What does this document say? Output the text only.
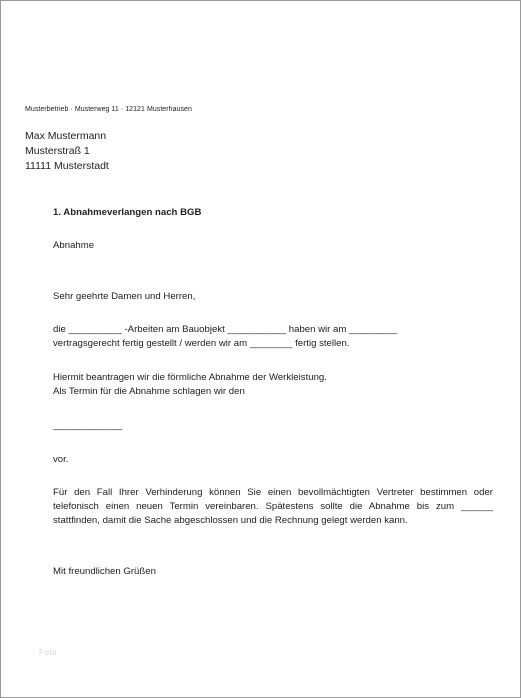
Musterbetrieb · Musterweg 11 · 12121 Musterhausen
Max Mustermann
Musterstraß 1
11111 Musterstadt
1. Abnahmeverlangen nach BGB
Abnahme
Sehr geehrte Damen und Herren,
die __________ -Arbeiten am Bauobjekt ___________ haben wir am _________
vertragsgerecht fertig gestellt / werden wir am ________ fertig stellen.
Hiermit beantragen wir die förmliche Abnahme der Werkleistung.
Als Termin für die Abnahme schlagen wir den
_____________
vor.
Für den Fall Ihrer Verhinderung können Sie einen bevollmächtigten Vertreter bestimmen oder
telefonisch einen neuen Termin vereinbaren. Spätestens sollte die Abnahme bis zum ______
stattfinden, damit die Sache abgeschlossen und die Rechnung gelegt werden kann.
Mit freundlichen Grüßen
Foto
